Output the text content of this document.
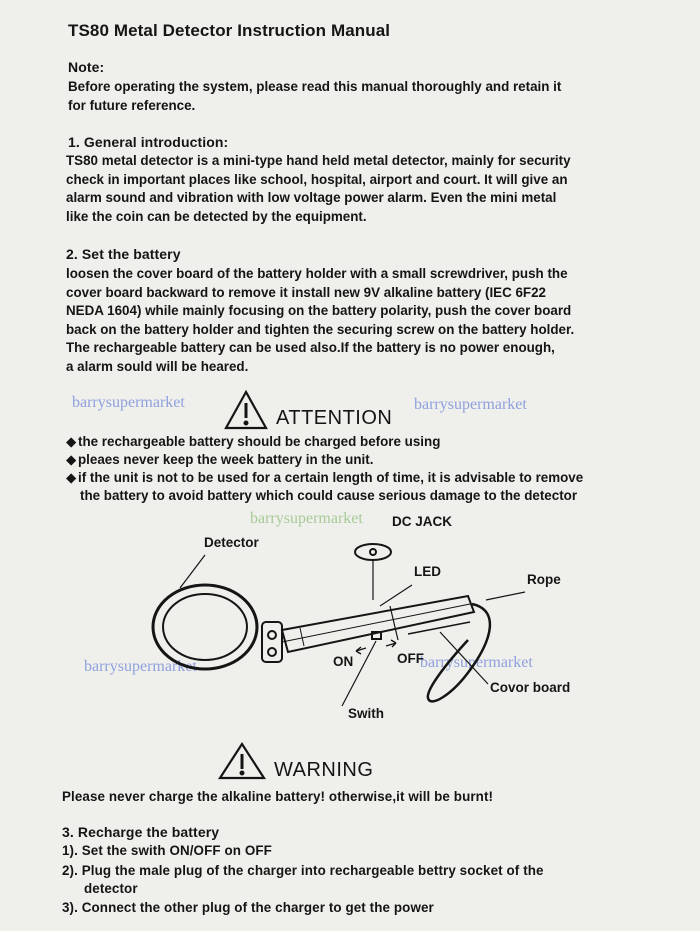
TS80 Metal Detector Instruction Manual
Note:
Before operating the system, please read this manual thoroughly and retain it
for future reference.
1. General introduction:
TS80 metal detector is a mini-type hand held metal detector, mainly for security
check in important places like school, hospital, airport and court. It will give an
alarm sound and vibration with low voltage power alarm. Even the mini metal
like the coin can be detected by the equipment.
2. Set the battery
loosen the cover board of the battery holder with a small screwdriver, push the
cover board backward to remove it install new 9V alkaline battery (IEC 6F22
NEDA 1604) while mainly focusing on the battery polarity, push the cover board
back on the battery holder and tighten the securing screw on the battery holder.
The rechargeable battery can be used also.If the battery is no power enough,
a alarm sould will be heared.
barrysupermarket	barrysupermarket
barrysupermarket
barrysupermarket	barrysupermarket
ATTENTION
◆ the rechargeable battery should be charged before using
◆ pleaes never keep the week battery in the unit.
◆ if the unit is not to be used for a certain length of time, it is advisable to remove
the battery to avoid battery which could cause serious damage to the detector
DC JACK
Detector
LED
Rope
ON	OFF
Covor board
Swith
WARNING
Please never charge the alkaline battery! otherwise,it will be burnt!
3. Recharge the battery
1). Set the swith ON/OFF on OFF
2). Plug the male plug of the charger into rechargeable bettry socket of the
detector
3). Connect the other plug of the charger to get the power
